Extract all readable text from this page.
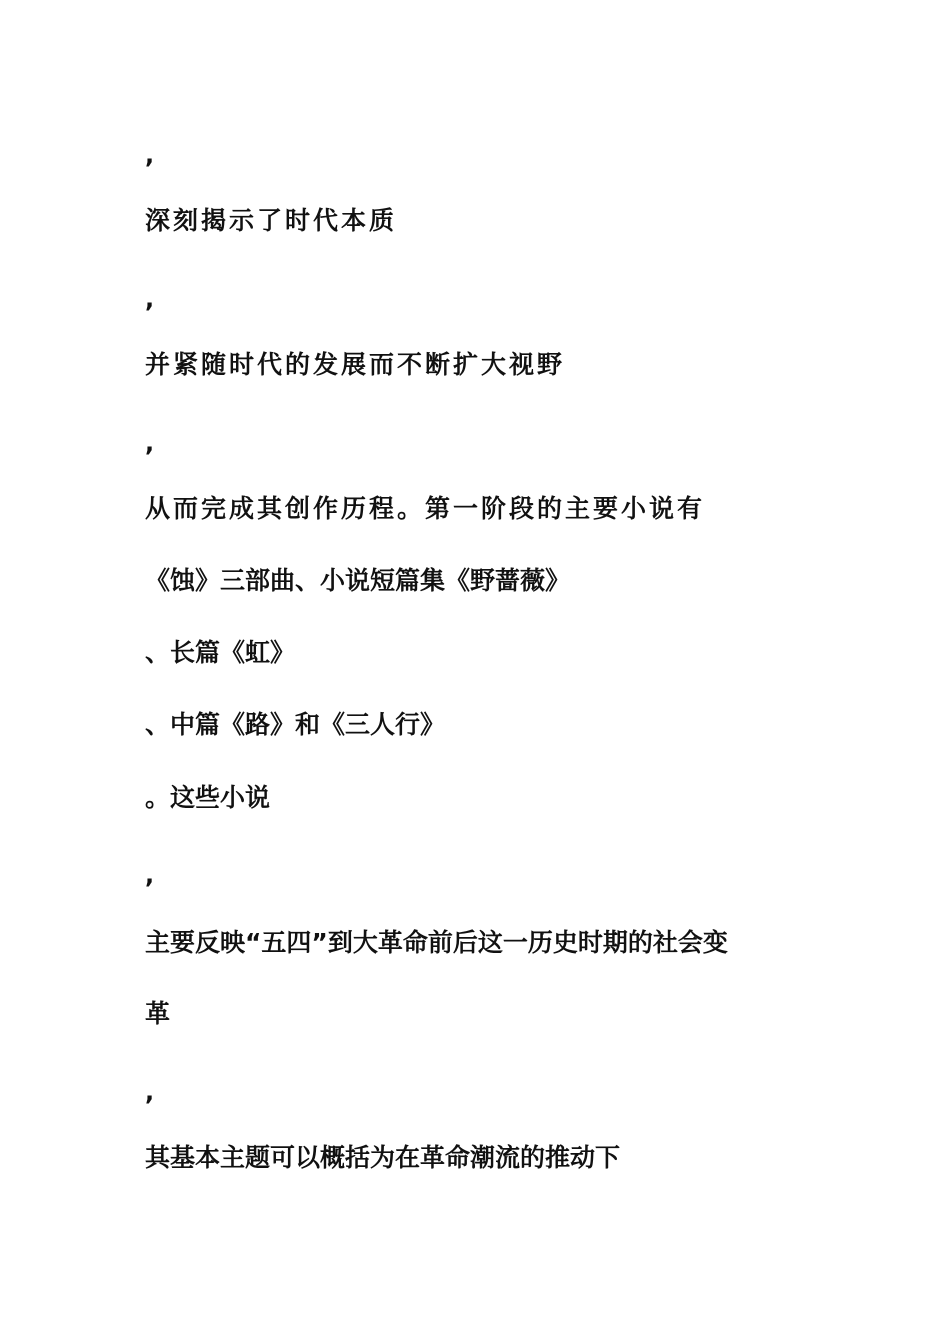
,
深刻揭示了时代本质
,
并紧随时代的发展而不断扩大视野
,
从而完成其创作历程。第一阶段的主要小说有
《蚀》三部曲、小说短篇集《野蔷薇》
、长篇《虹》
、中篇《路》和《三人行》
。这些小说
,
主要反映“五四”到大革命前后这一历史时期的社会变
革
,
其基本主题可以概括为在革命潮流的推动下
